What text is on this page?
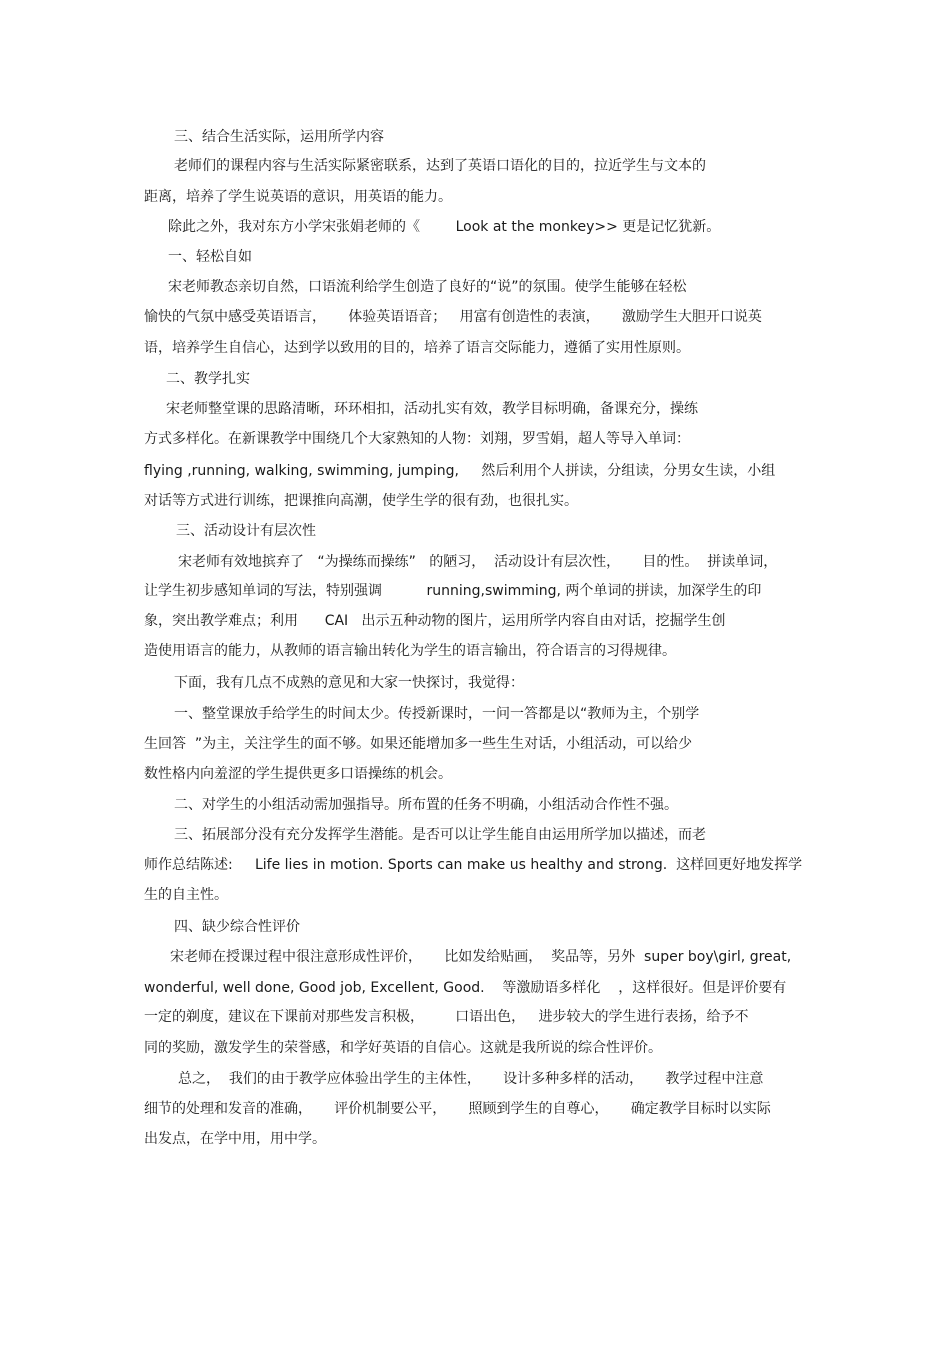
三、结合生活实际，运用所学内容
老师们的课程内容与生活实际紧密联系，达到了英语口语化的目的，拉近学生与文本的
距离，培养了学生说英语的意识，用英语的能力。
除此之外，我对东方小学宋张娟老师的《        Look at the monkey>> 更是记忆犹新。
一、轻松自如
宋老师教态亲切自然，口语流利给学生创造了良好的“说”的氛围。使学生能够在轻松
愉快的气氛中感受英语语言，     体验英语语音；   用富有创造性的表演，     激励学生大胆开口说英
语，培养学生自信心，达到学以致用的目的，培养了语言交际能力，遵循了实用性原则。
二、教学扎实
宋老师整堂课的思路清晰，环环相扣，活动扎实有效，教学目标明确，备课充分，操练
方式多样化。在新课教学中围绕几个大家熟知的人物：刘翔，罗雪娟，超人等导入单词：
flying ,running, walking, swimming, jumping,     然后利用个人拼读，分组读，分男女生读，小组
对话等方式进行训练，把课推向高潮，使学生学的很有劲，也很扎实。
三、活动设计有层次性
宋老师有效地摈弃了   “为操练而操练”   的陋习，  活动设计有层次性，     目的性。  拼读单词，
让学生初步感知单词的写法，特别强调          running,swimming, 两个单词的拼读，加深学生的印
象，突出教学难点；利用      CAI   出示五种动物的图片，运用所学内容自由对话，挖掘学生创
造使用语言的能力，从教师的语言输出转化为学生的语言输出，符合语言的习得规律。
下面，我有几点不成熟的意见和大家一快探讨，我觉得：
一、整堂课放手给学生的时间太少。传授新课时，一问一答都是以“教师为主，个别学
生回答  ”为主，关注学生的面不够。如果还能增加多一些生生对话，小组活动，可以给少
数性格内向羞涩的学生提供更多口语操练的机会。
二、对学生的小组活动需加强指导。所布置的任务不明确，小组活动合作性不强。
三、拓展部分没有充分发挥学生潜能。是否可以让学生能自由运用所学加以描述，而老
师作总结陈述:     Life lies in motion. Sports can make us healthy and strong.  这样回更好地发挥学
生的自主性。
四、缺少综合性评价
宋老师在授课过程中很注意形成性评价，     比如发给贴画，  奖品等，另外  super boy\girl, great,
wonderful, well done, Good job, Excellent, Good.    等激励语多样化    ，这样很好。但是评价要有
一定的剃度，建议在下课前对那些发言积极，       口语出色，   进步较大的学生进行表扬，给予不
同的奖励，激发学生的荣誉感，和学好英语的自信心。这就是我所说的综合性评价。
总之，  我们的由于教学应体验出学生的主体性，     设计多种多样的活动，     教学过程中注意
细节的处理和发音的准确，     评价机制要公平，     照顾到学生的自尊心，     确定教学目标时以实际
出发点，在学中用，用中学。
